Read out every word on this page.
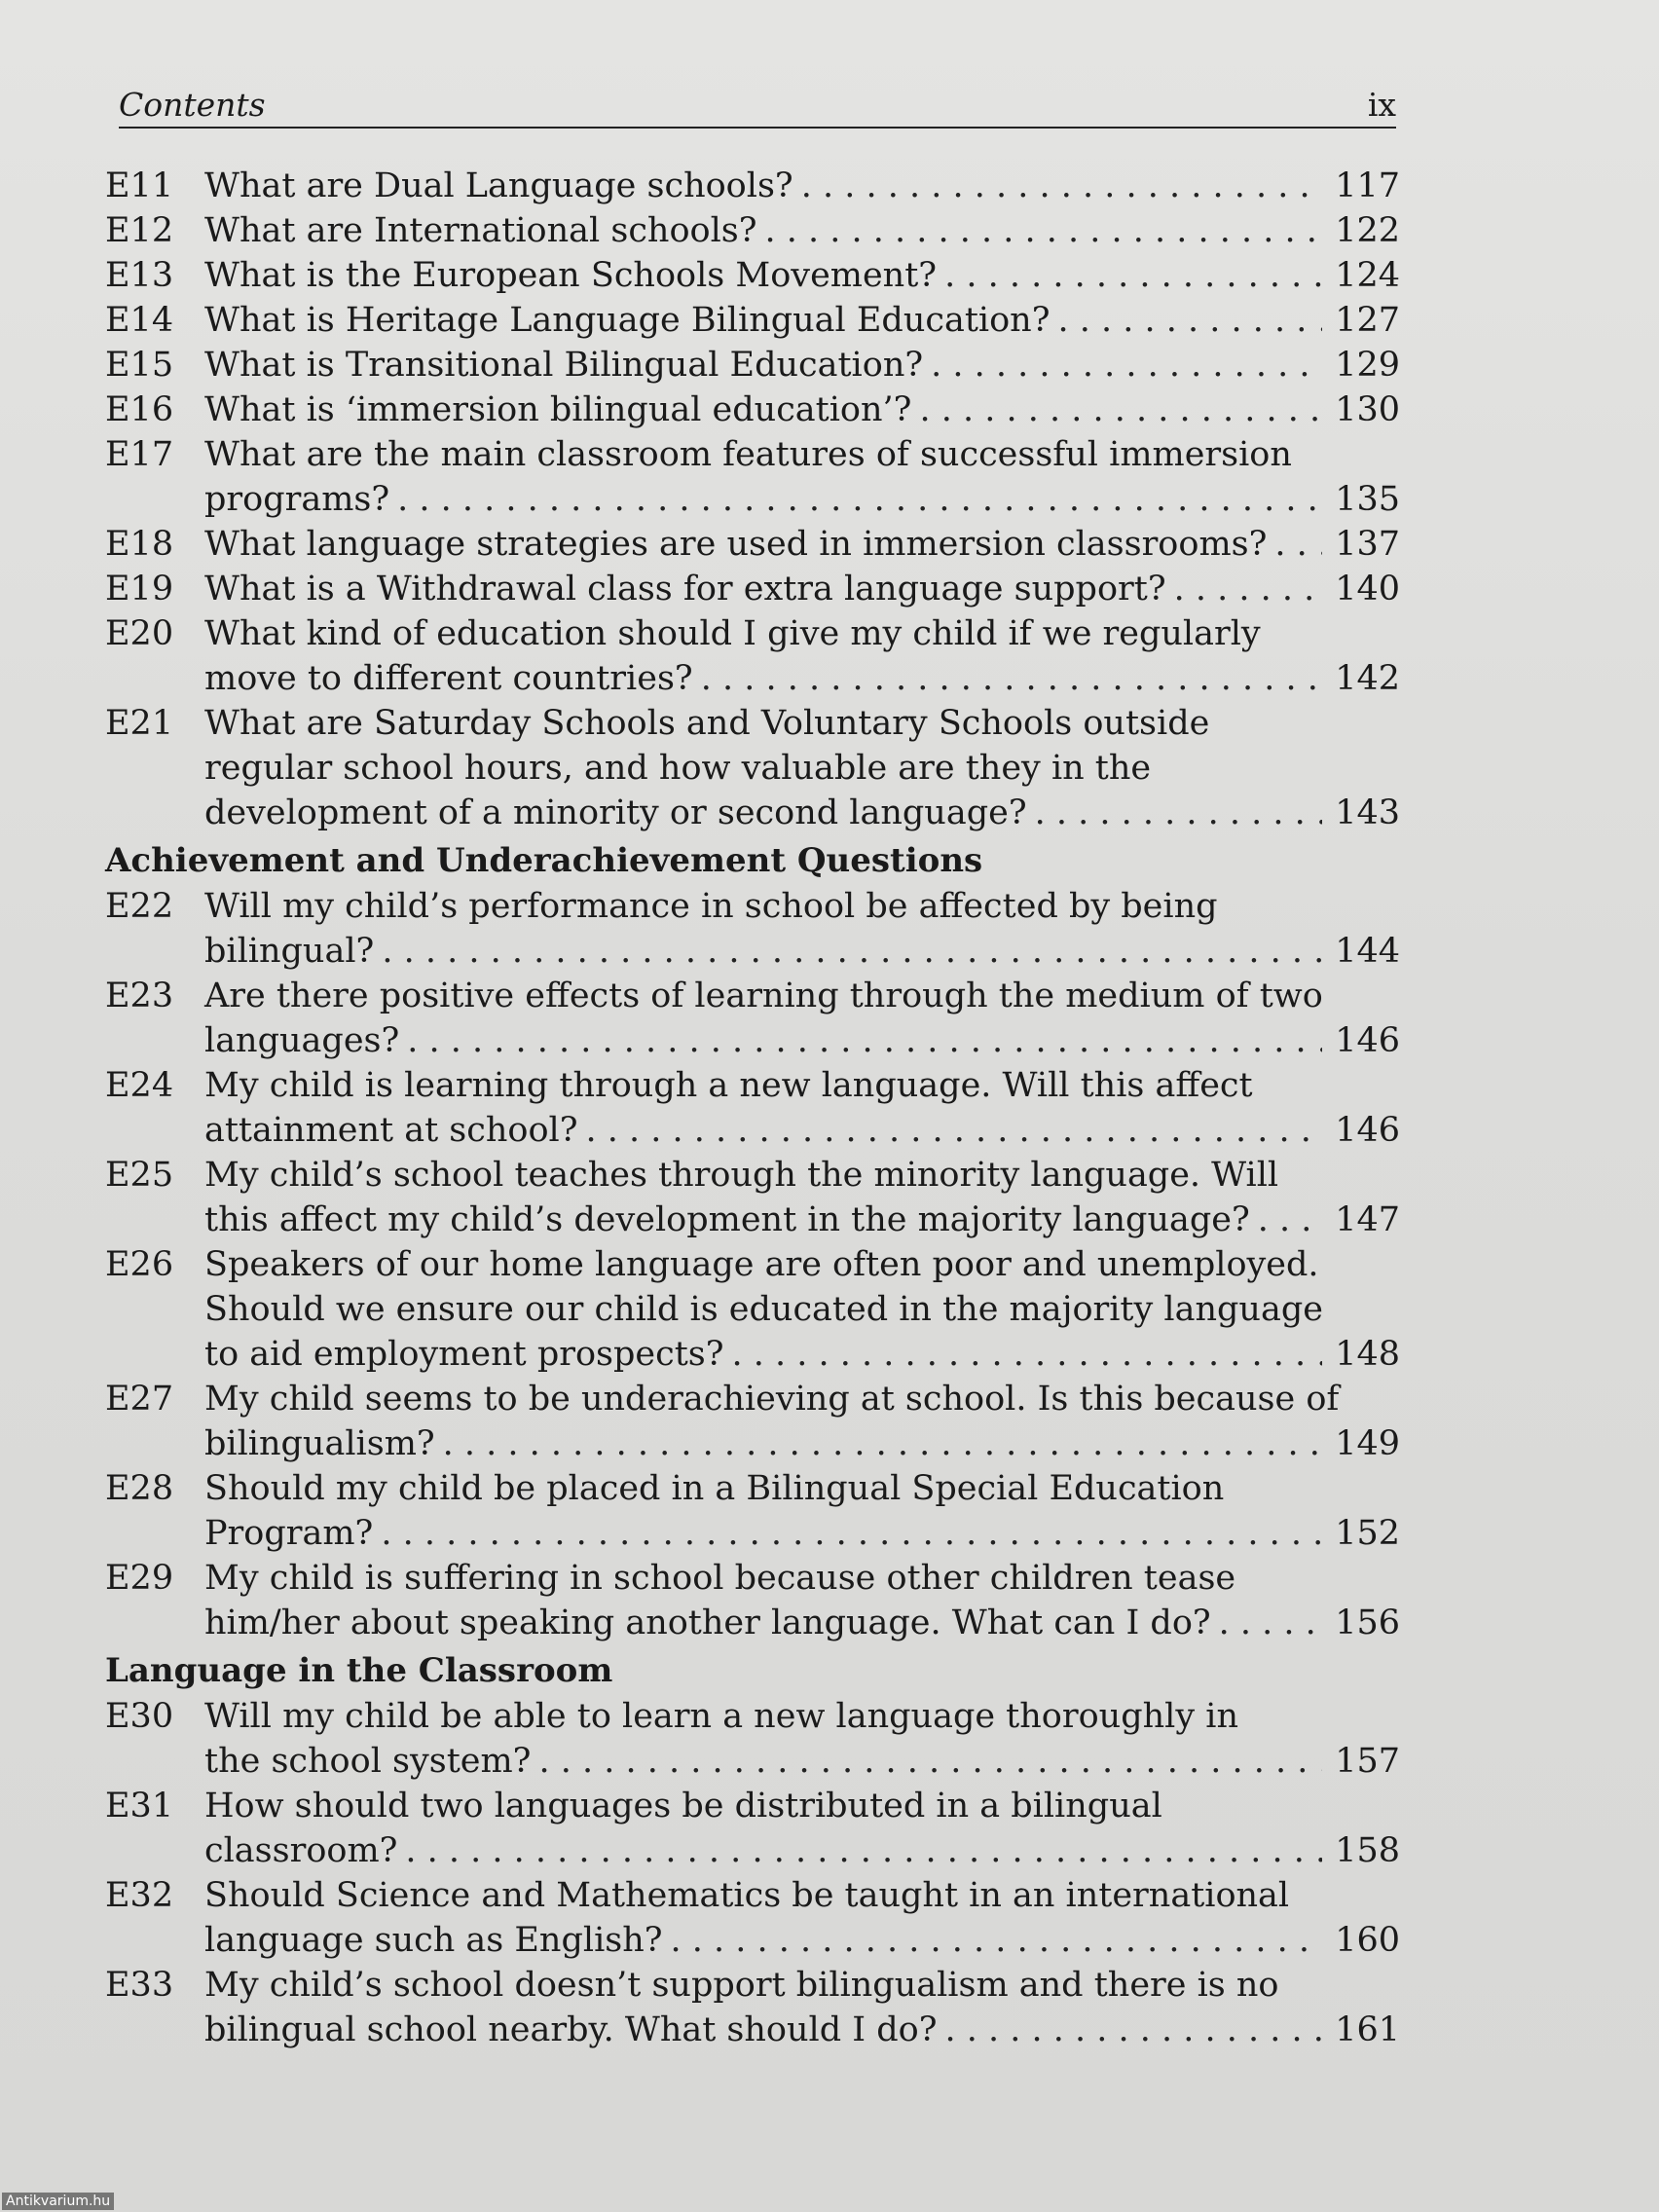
Contents	ix
E11 What are Dual Language schools? . . .	117
E12 What are International schools? . . .	122
E13 What is the European Schools Movement? . . .	124
E14 What is Heritage Language Bilingual Education? . . .	127
E15 What is Transitional Bilingual Education? . . .	129
E16 What is ‘immersion bilingual education’? . . .	130
E17 What are the main classroom features of successful immersion
programs? . . .	135
E18 What language strategies are used in immersion classrooms? . . . 137
E19 What is a Withdrawal class for extra language support? . . .	140
E20 What kind of education should I give my child if we regularly
move to different countries? . . .	142
E21 What are Saturday Schools and Voluntary Schools outside
regular school hours, and how valuable are they in the
development of a minority or second language? . . .	143
Achievement and Underachievement Questions
E22 Will my child’s performance in school be affected by being
bilingual? . . .	144
E23 Are there positive effects of learning through the medium of two
languages? . . .	146
E24 My child is learning through a new language. Will this affect
attainment at school? . . .	146
E25 My child’s school teaches through the minority language. Will
this affect my child’s development in the majority language? . . . 147
E26 Speakers of our home language are often poor and unemployed.
Should we ensure our child is educated in the majority language
to aid employment prospects? . . .	148
E27 My child seems to be underachieving at school. Is this because of
bilingualism? . . .	149
E28 Should my child be placed in a Bilingual Special Education
Program? . . .	152
E29 My child is suffering in school because other children tease
him/her about speaking another language. What can I do? . . .	156
Language in the Classroom
E30 Will my child be able to learn a new language thoroughly in
the school system? . . .	157
E31 How should two languages be distributed in a bilingual
classroom? . . .	158
E32 Should Science and Mathematics be taught in an international
language such as English? . . .	160
E33 My child’s school doesn’t support bilingualism and there is no
bilingual school nearby. What should I do? . . .	161
Antikvarium.hu
